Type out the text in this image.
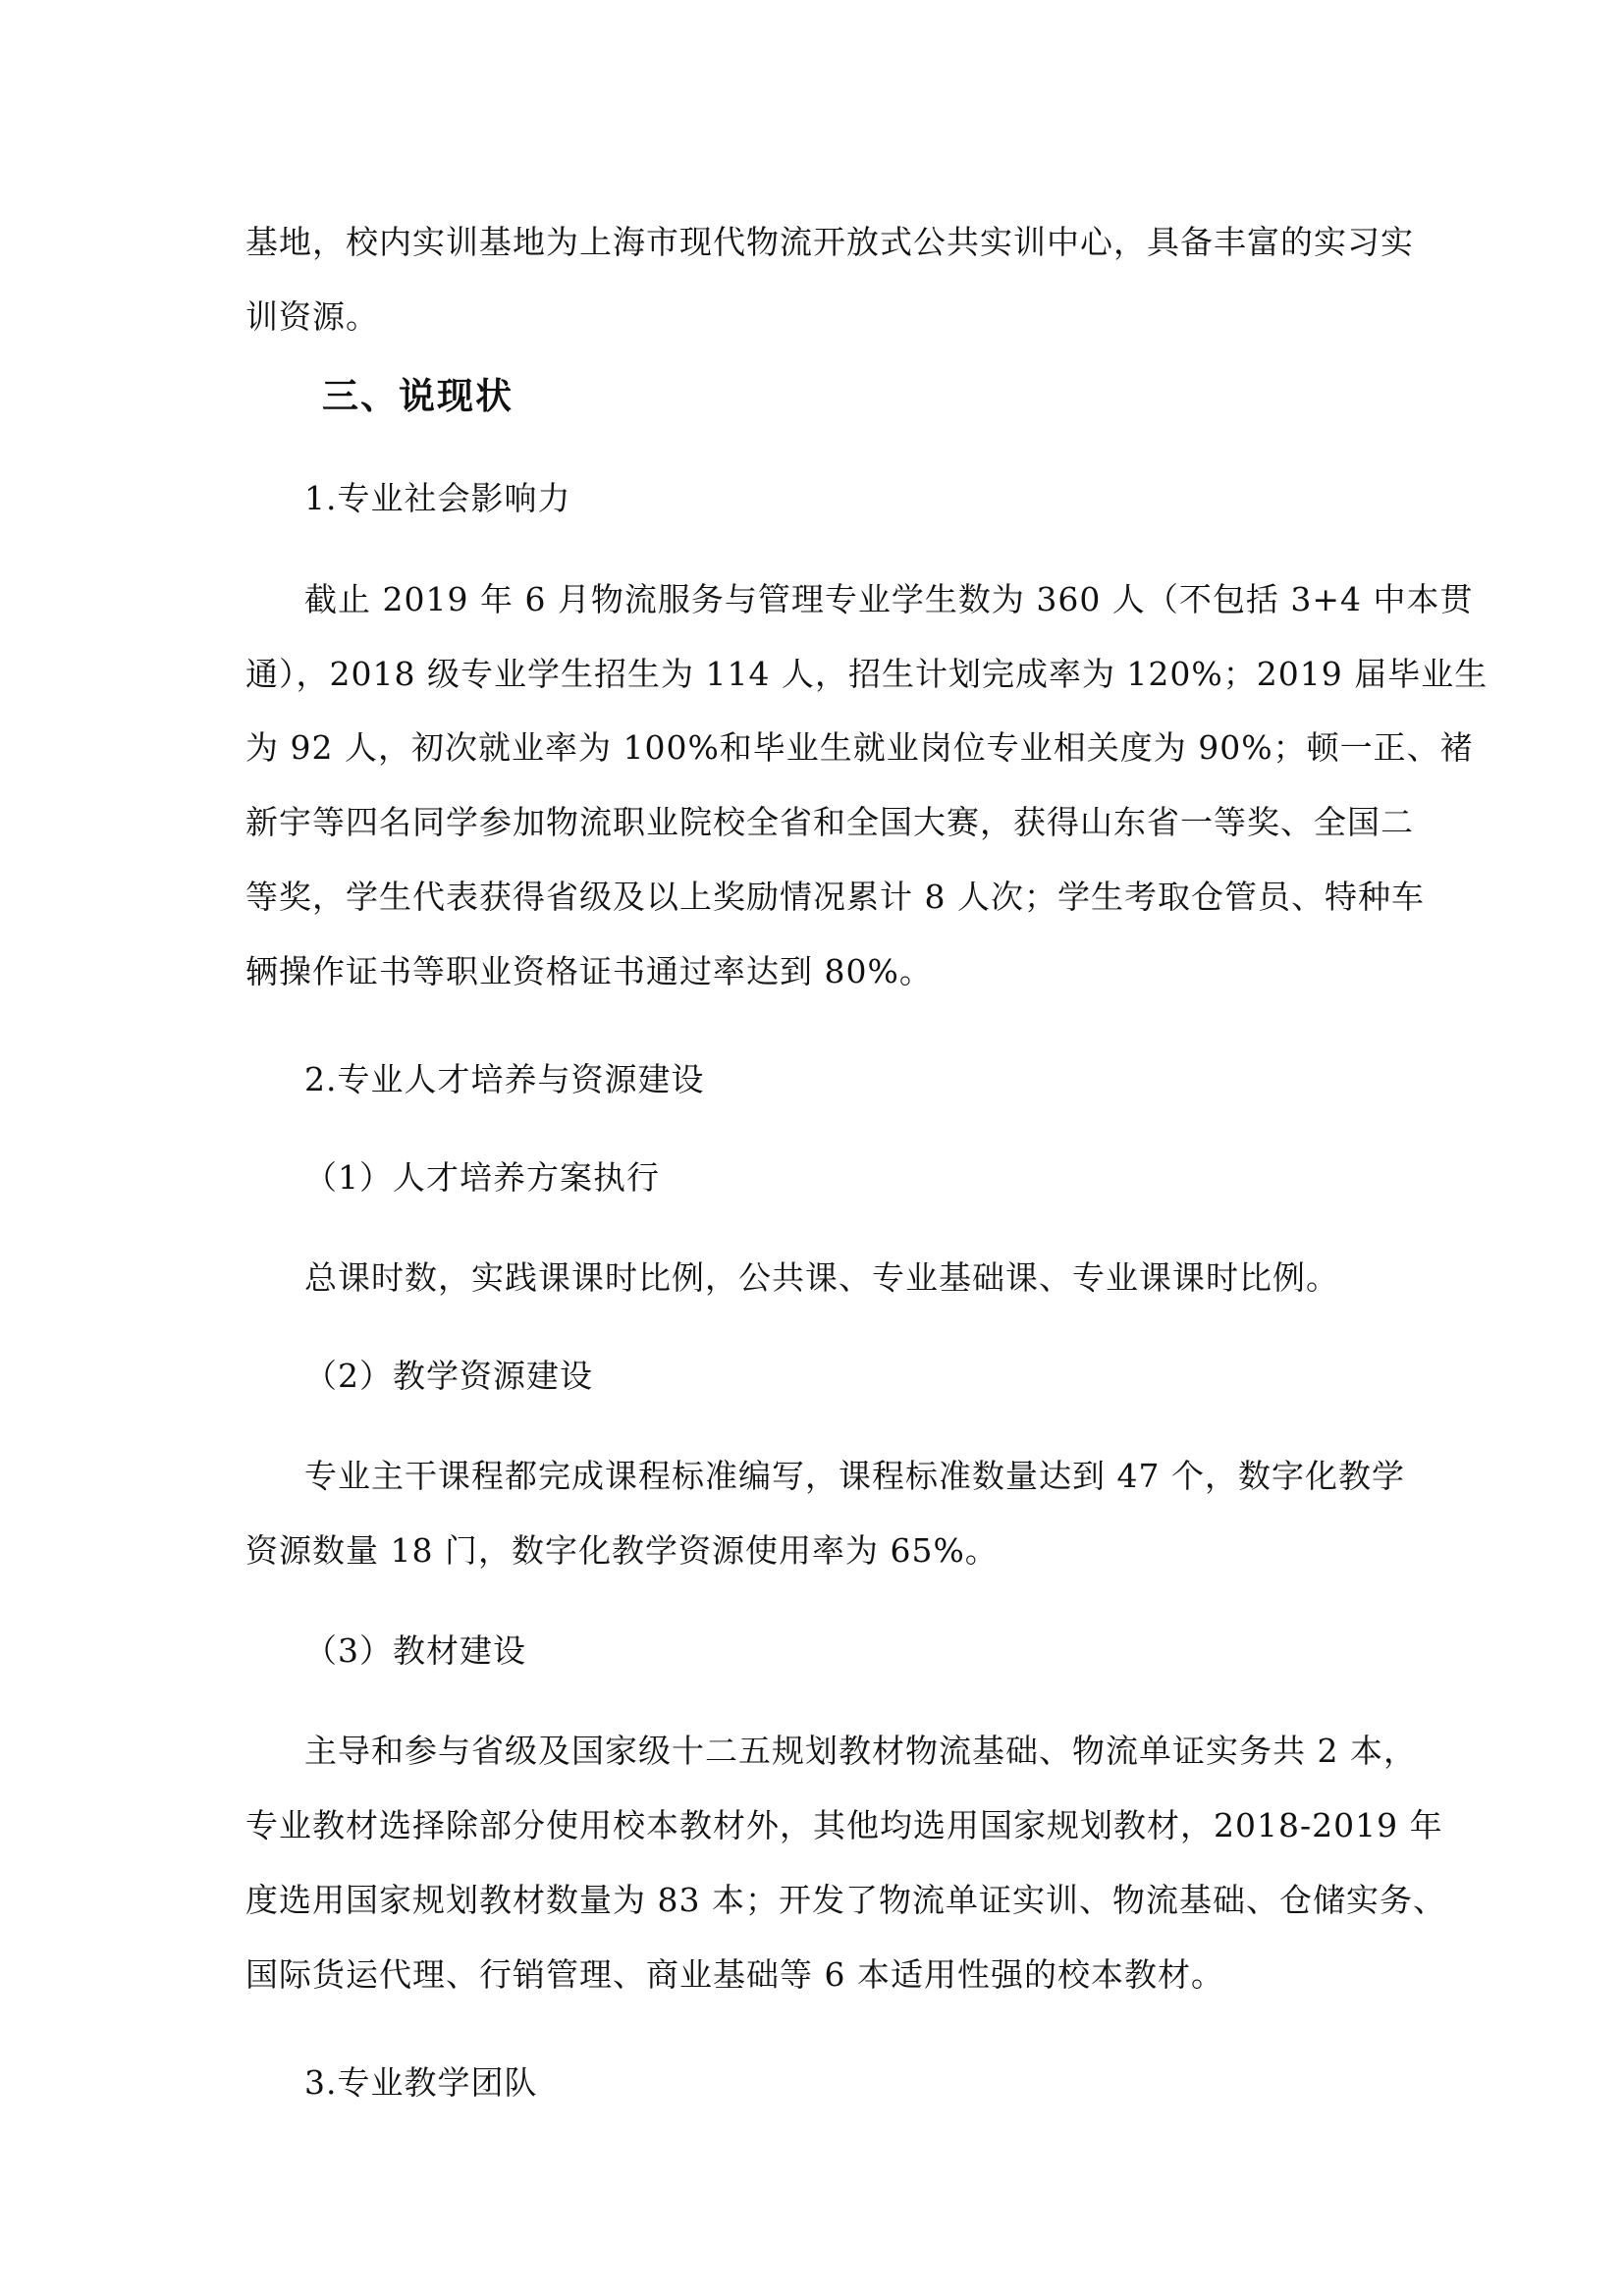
基地，校内实训基地为上海市现代物流开放式公共实训中心，具备丰富的实习实
训资源。
三、说现状
1.专业社会影响力
截止 2019 年 6 月物流服务与管理专业学生数为 360 人（不包括 3+4 中本贯
通），2018 级专业学生招生为 114 人，招生计划完成率为 120%；2019 届毕业生
为 92 人，初次就业率为 100%和毕业生就业岗位专业相关度为 90%；顿一正、褚
新宇等四名同学参加物流职业院校全省和全国大赛，获得山东省一等奖、全国二
等奖，学生代表获得省级及以上奖励情况累计 8 人次；学生考取仓管员、特种车
辆操作证书等职业资格证书通过率达到 80%。
2.专业人才培养与资源建设
（1）人才培养方案执行
总课时数，实践课课时比例，公共课、专业基础课、专业课课时比例。
（2）教学资源建设
专业主干课程都完成课程标准编写，课程标准数量达到 47 个，数字化教学
资源数量 18 门，数字化教学资源使用率为 65%。
（3）教材建设
主导和参与省级及国家级十二五规划教材物流基础、物流单证实务共 2 本，
专业教材选择除部分使用校本教材外，其他均选用国家规划教材，2018-2019 年
度选用国家规划教材数量为 83 本；开发了物流单证实训、物流基础、仓储实务、
国际货运代理、行销管理、商业基础等 6 本适用性强的校本教材。
3.专业教学团队
